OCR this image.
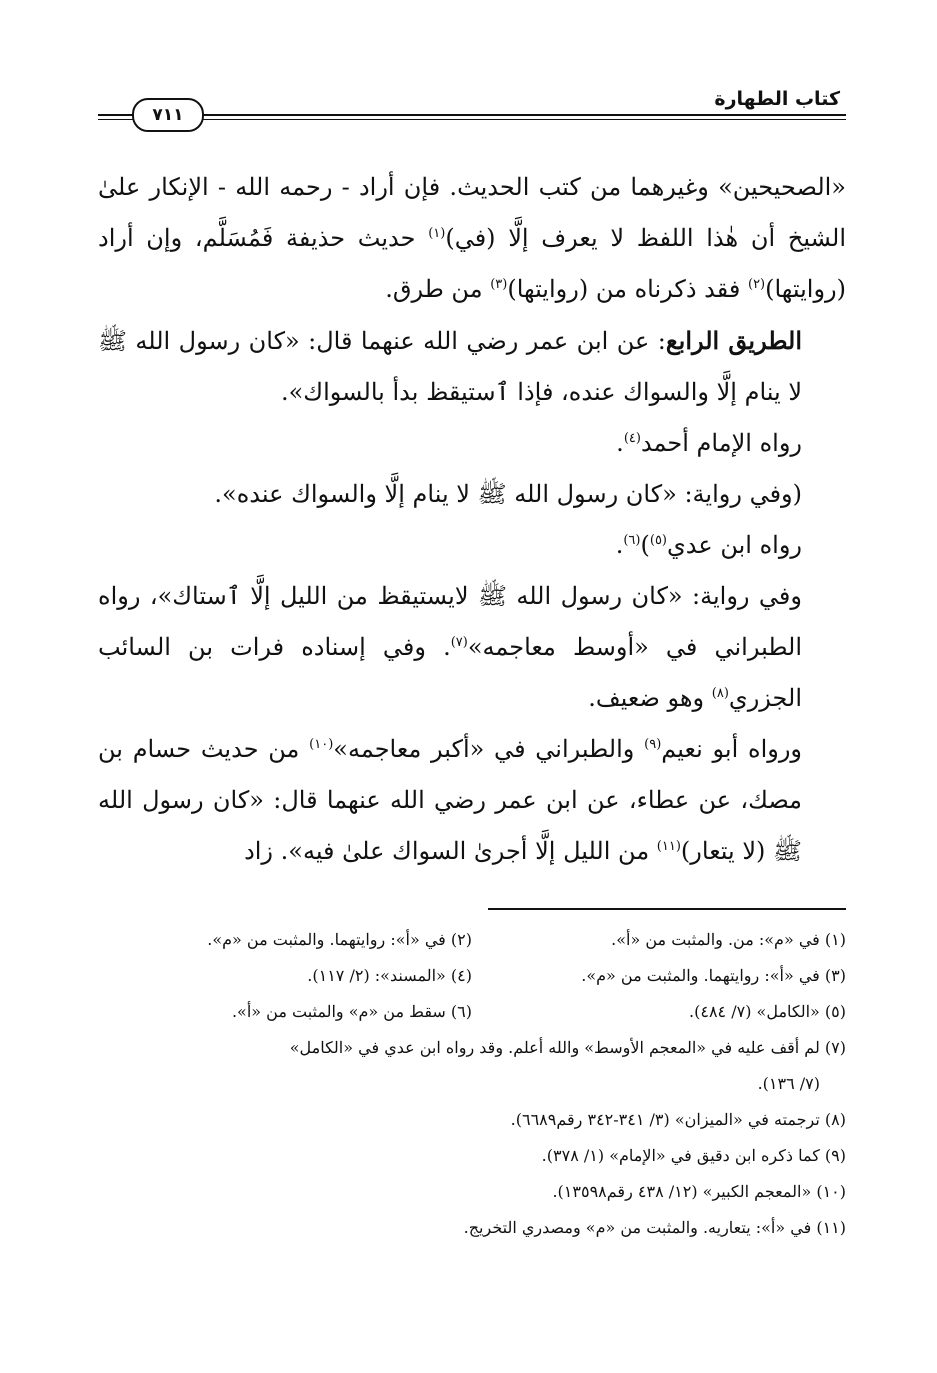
كتاب الطهارة
٧١١

«الصحيحين» وغيرهما من كتب الحديث. فإن أراد - رحمه الله - الإنكار علىٰ الشيخ أن هٰذا اللفظ لا يعرف إلَّا (في)$^{(١)}$ حديث حذيفة فَمُسَلَّم، وإن أراد (روايتها)$^{(٢)}$ فقد ذكرناه من (روايتها)$^{(٣)}$ من طرق.

الطريق الرابع: عن ابن عمر رضي الله عنهما قال: «كان رسول الله ﷺ لا ينام إلَّا والسواك عنده، فإذا ٱستيقظ بدأ بالسواك».

رواه الإمام أحمد$^{(٤)}$.

(وفي رواية: «كان رسول الله ﷺ لا ينام إلَّا والسواك عنده».

رواه ابن عدي$^{(٥)}$)$^{(٦)}$.

وفي رواية: «كان رسول الله ﷺ لايستيقظ من الليل إلَّا ٱستاك»، رواه الطبراني في «أوسط معاجمه»$^{(٧)}$. وفي إسناده فرات بن السائب الجزري$^{(٨)}$ وهو ضعيف.

ورواه أبو نعيم$^{(٩)}$ والطبراني في «أكبر معاجمه»$^{(١٠)}$ من حديث حسام بن مصك، عن عطاء، عن ابن عمر رضي الله عنهما قال: «كان رسول الله ﷺ (لا يتعار)$^{(١١)}$ من الليل إلَّا أجرىٰ السواك علىٰ فيه». زاد

(١) في «م»: من. والمثبت من «أ».
(٢) في «أ»: روايتهما. والمثبت من «م».
(٣) في «أ»: روايتهما. والمثبت من «م».
(٤) «المسند»: (٢/ ١١٧).
(٥) «الكامل» (٧/ ٤٨٤).
(٦) سقط من «م» والمثبت من «أ».

(٧) لم أقف عليه في «المعجم الأوسط» والله أعلم. وقد رواه ابن عدي في «الكامل»

(٧/ ١٣٦).

(٨) ترجمته في «الميزان» (٣/ ٣٤١-٣٤٢ رقم٦٦٨٩).

(٩) كما ذكره ابن دقيق في «الإمام» (١/ ٣٧٨).

(١٠) «المعجم الكبير» (١٢/ ٤٣٨ رقم١٣٥٩٨).

(١١) في «أ»: يتعاريه. والمثبت من «م» ومصدري التخريج.
